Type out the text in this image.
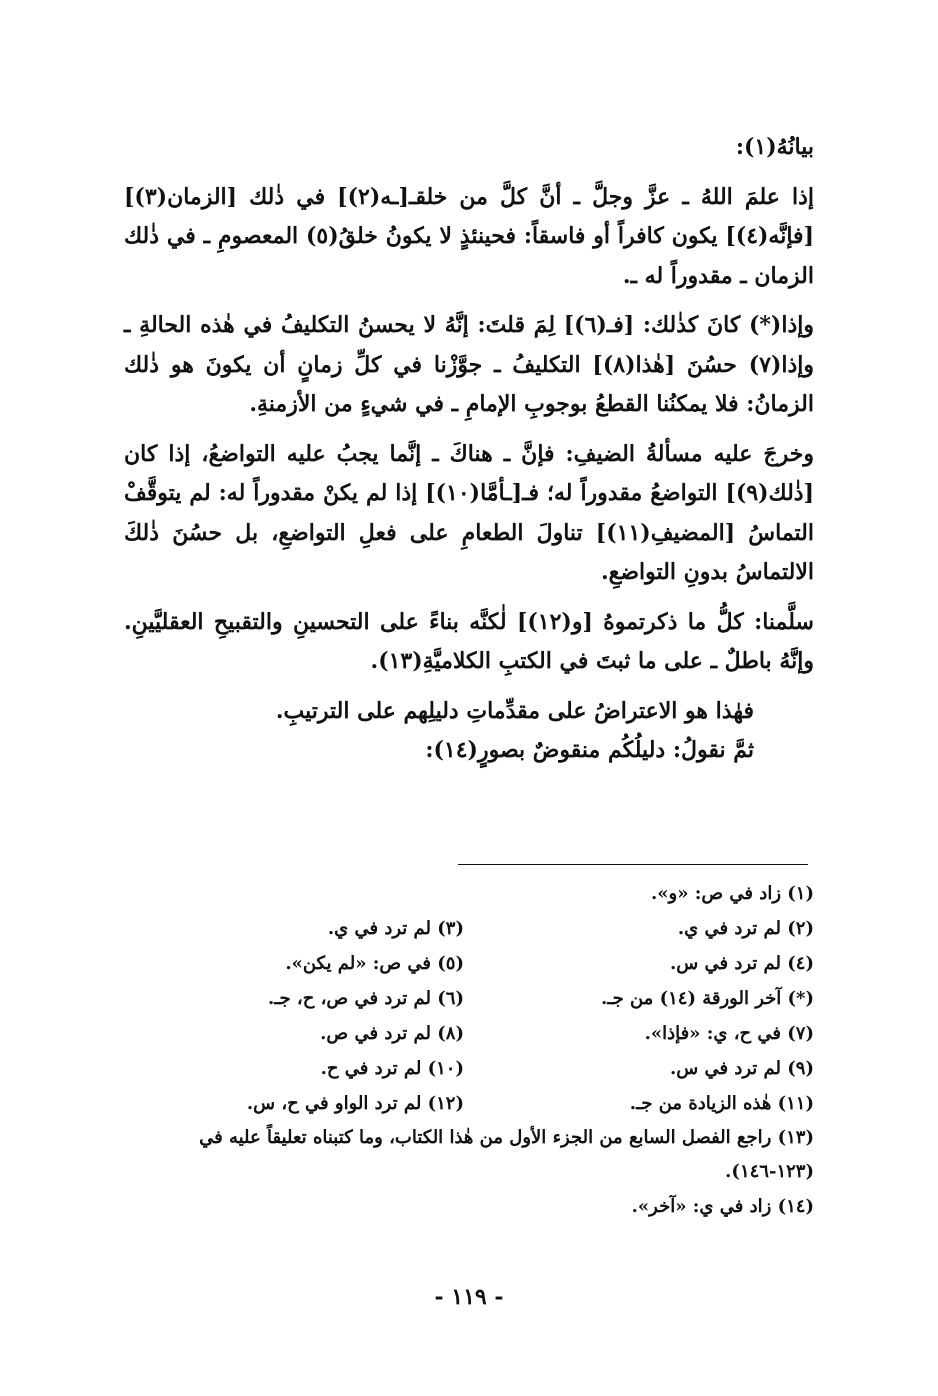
بيانُهُ(١):

إذا علمَ اللهُ ـ عزَّ وجلَّ ـ أنَّ كلَّ من خلقـ[ـه(٢)] في ذٰلك [الزمان(٣)] [فإنَّه(٤)] يكون كافراً أو فاسقاً: فحينئذٍ لا يكونُ خلقُ(٥) المعصومِ ـ في ذٰلك الزمان ـ مقدوراً له ـ.

وإذا(*) كانَ كذٰلك: [فـ(٦)] لِمَ قلتَ: إنَّهُ لا يحسنُ التكليفُ في هٰذه الحالةِ ـ وإذا(٧) حسُنَ [هٰذا(٨)] التكليفُ ـ جوَّزْنا في كلِّ زمانٍ أن يكونَ هو ذٰلك الزمانُ: فلا يمكنُنا القطعُ بوجوبِ الإمامِ ـ في شيءٍ من الأزمنةِ.

وخرجَ عليه مسألةُ الضيفِ: فإنَّ ـ هناكَ ـ إنَّما يجبُ عليه التواضعُ، إذا كان [ذٰلك(٩)] التواضعُ مقدوراً له؛ فـ[ـأمَّا(١٠)] إذا لم يكنْ مقدوراً له: لم يتوقَّفْ التماسُ [المضيفِ(١١)] تناولَ الطعامِ على فعلِ التواضعِ، بل حسُنَ ذٰلكَ الالتماسُ بدونِ التواضعِ.

سلَّمنا: كلُّ ما ذكرتموهُ [و(١٢)] لٰكنَّه بناءً على التحسينِ والتقبيحِ العقليَّينِ. وإنَّهُ باطلٌ ـ على ما ثبتَ في الكتبِ الكلاميَّةِ(١٣).

فهٰذا هو الاعتراضُ على مقدِّماتِ دليلِهم على الترتيبِ.

ثمَّ نقولُ: دليلُكُم منقوضٌ بصورٍ(١٤):

(١) زاد في ص: «و».
(٢) لم ترد في ي.
(٣) لم ترد في ي.
(٤) لم ترد في س.
(٥) في ص: «لم يكن».
(*) آخر الورقة (١٤) من جـ.
(٦) لم ترد في ص، ح، جـ.
(٧) في ح، ي: «فإذا».
(٨) لم ترد في ص.
(٩) لم ترد في س.
(١٠) لم ترد في ح.
(١١) هٰذه الزيادة من جـ.
(١٢) لم ترد الواو في ح، س.
(١٣) راجع الفصل السابع من الجزء الأول من هٰذا الكتاب، وما كتبناه تعليقاً عليه في (١٢٣-١٤٦).
(١٤) زاد في ي: «آخر».
- ١١٩ -
